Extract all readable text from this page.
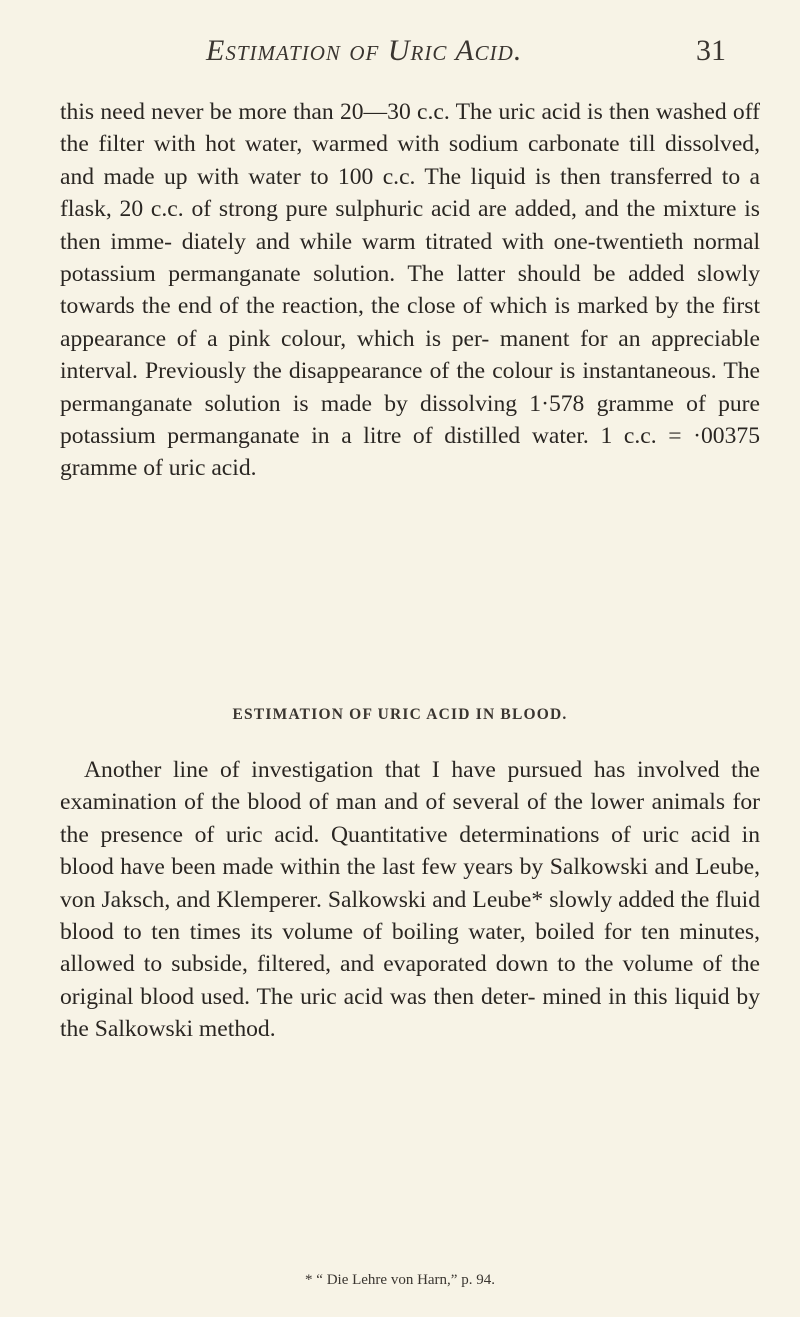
Estimation of Uric Acid.	31

this need never be more than 20—30 c.c. The uric acid is then washed off the filter with hot water, warmed with sodium carbonate till dissolved, and made up with water to 100 c.c. The liquid is then transferred to a flask, 20 c.c. of strong pure sulphuric acid are added, and the mixture is then imme- diately and while warm titrated with one-twentieth normal potassium permanganate solution. The latter should be added slowly towards the end of the reaction, the close of which is marked by the first appearance of a pink colour, which is per- manent for an appreciable interval. Previously the disappearance of the colour is instantaneous. The permanganate solution is made by dissolving 1·578 gramme of pure potassium permanganate in a litre of distilled water. 1 c.c. = ·00375 gramme of uric acid.

ESTIMATION OF URIC ACID IN BLOOD.

Another line of investigation that I have pursued has involved the examination of the blood of man and of several of the lower animals for the presence of uric acid. Quantitative determinations of uric acid in blood have been made within the last few years by Salkowski and Leube, von Jaksch, and Klemperer. Salkowski and Leube* slowly added the fluid blood to ten times its volume of boiling water, boiled for ten minutes, allowed to subside, filtered, and evaporated down to the volume of the original blood used. The uric acid was then deter- mined in this liquid by the Salkowski method.

* “ Die Lehre von Harn,” p. 94.
